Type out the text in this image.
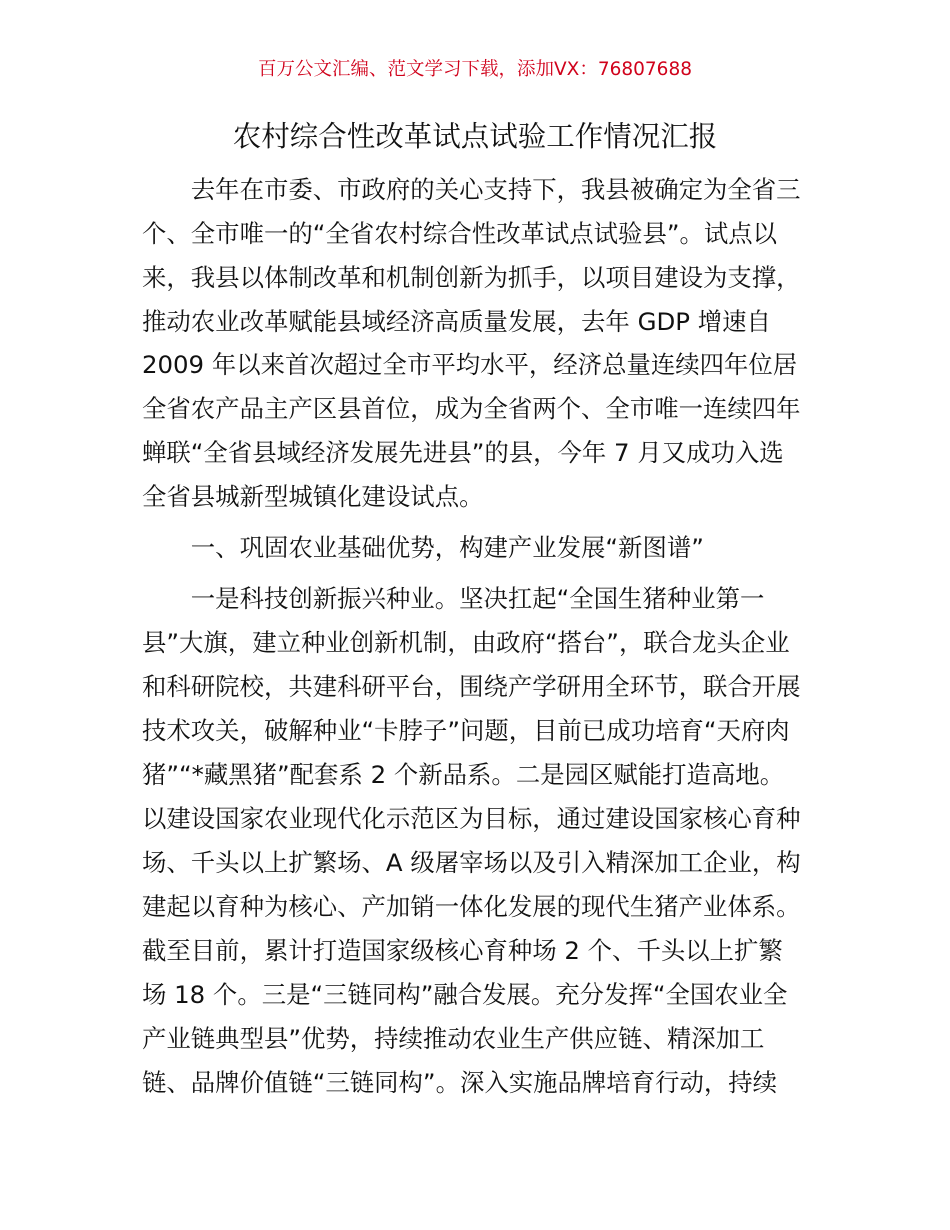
百万公文汇编、范文学习下载，添加VX：76807688
农村综合性改革试点试验工作情况汇报
　　去年在市委、市政府的关心支持下，我县被确定为全省三
个、全市唯一的“全省农村综合性改革试点试验县”。试点以
来，我县以体制改革和机制创新为抓手，以项目建设为支撑，
推动农业改革赋能县域经济高质量发展，去年 GDP 增速自
2009 年以来首次超过全市平均水平，经济总量连续四年位居
全省农产品主产区县首位，成为全省两个、全市唯一连续四年
蝉联“全省县域经济发展先进县”的县，今年 7 月又成功入选
全省县城新型城镇化建设试点。
　　一、巩固农业基础优势，构建产业发展“新图谱”
　　一是科技创新振兴种业。坚决扛起“全国生猪种业第一
县”大旗，建立种业创新机制，由政府“搭台”，联合龙头企业
和科研院校，共建科研平台，围绕产学研用全环节，联合开展
技术攻关，破解种业“卡脖子”问题，目前已成功培育“天府肉
猪”“*藏黑猪”配套系 2 个新品系。二是园区赋能打造高地。
以建设国家农业现代化示范区为目标，通过建设国家核心育种
场、千头以上扩繁场、A 级屠宰场以及引入精深加工企业，构
建起以育种为核心、产加销一体化发展的现代生猪产业体系。
截至目前，累计打造国家级核心育种场 2 个、千头以上扩繁
场 18 个。三是“三链同构”融合发展。充分发挥“全国农业全
产业链典型县”优势，持续推动农业生产供应链、精深加工
链、品牌价值链“三链同构”。深入实施品牌培育行动，持续
